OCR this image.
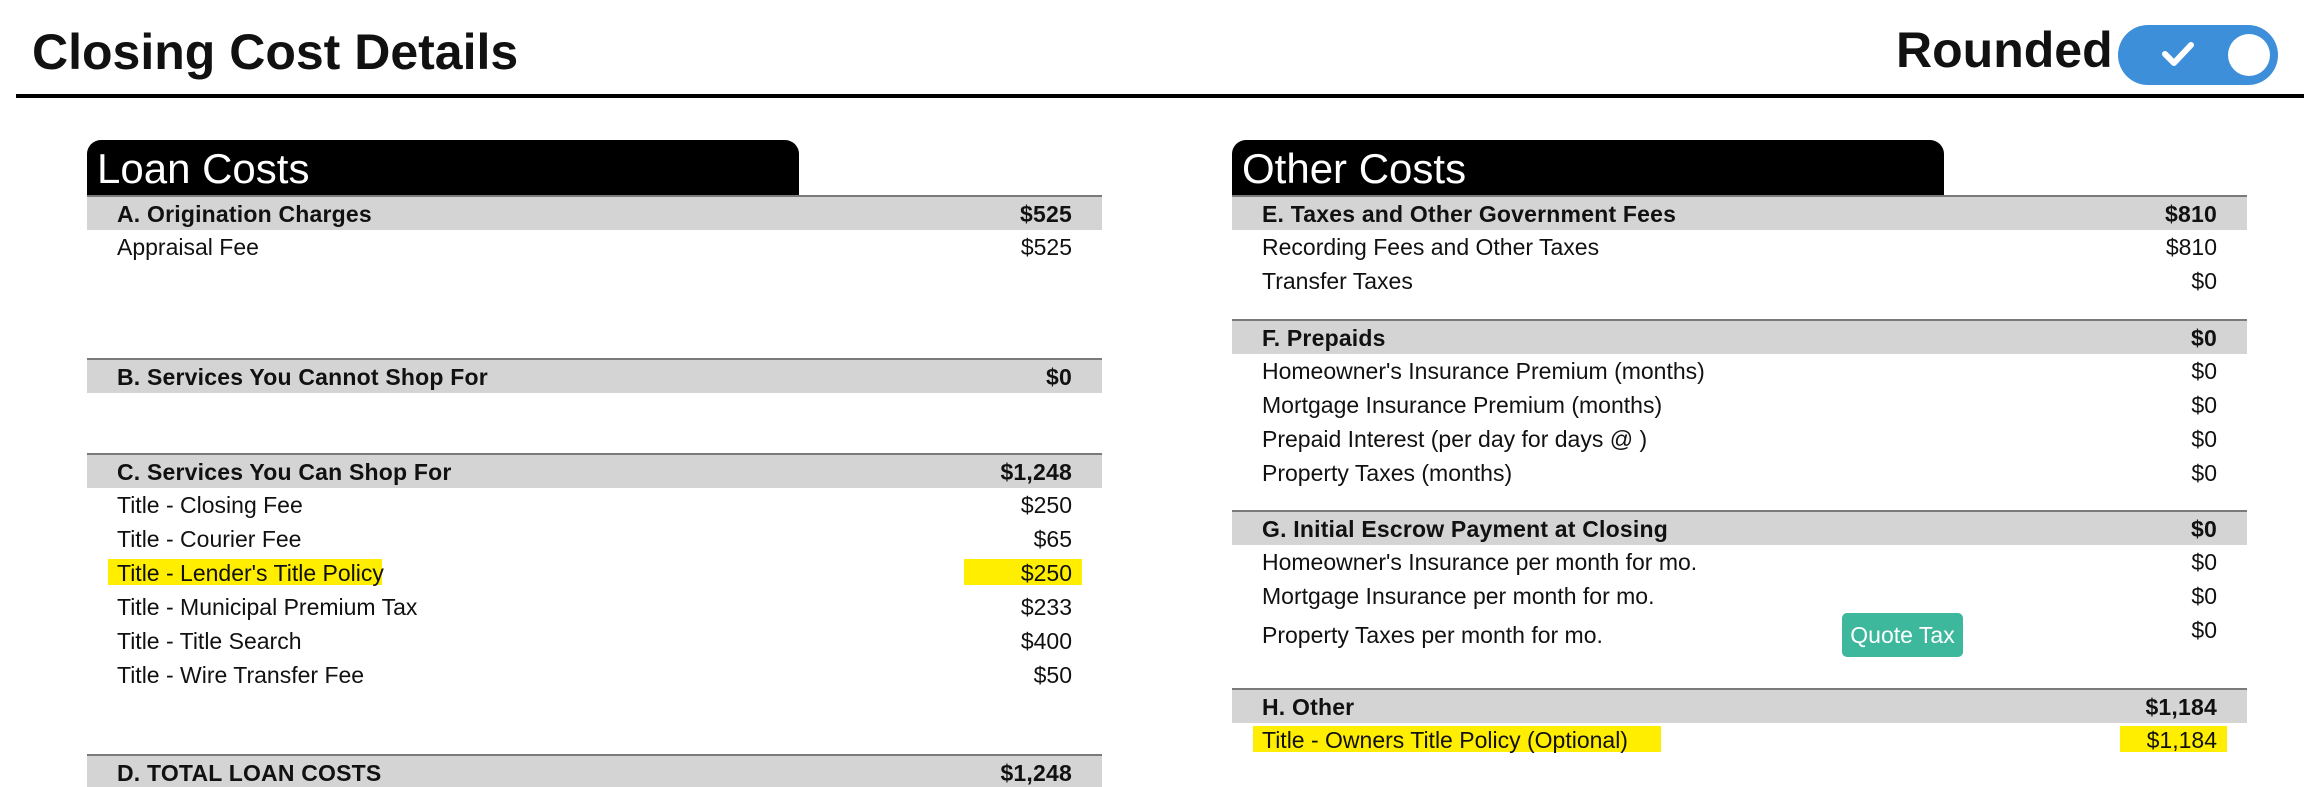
Closing Cost Details	Rounded
Loan Costs
A. Origination Charges	$525
Appraisal Fee	$525
B. Services You Cannot Shop For	$0
C. Services You Can Shop For	$1,248
Title - Closing Fee	$250
Title - Courier Fee	$65
Title - Lender's Title Policy	$250
Title - Municipal Premium Tax	$233
Title - Title Search	$400
Title - Wire Transfer Fee	$50
D. TOTAL LOAN COSTS	$1,248
Other Costs
E. Taxes and Other Government Fees	$810
Recording Fees and Other Taxes	$810
Transfer Taxes	$0
F. Prepaids	$0
Homeowner's Insurance Premium (months)	$0
Mortgage Insurance Premium (months)	$0
Prepaid Interest (per day for days @ )	$0
Property Taxes (months)	$0
G. Initial Escrow Payment at Closing	$0
Homeowner's Insurance per month for mo.	$0
Mortgage Insurance per month for mo.	$0
Property Taxes per month for mo.	$0
H. Other	$1,184
Title - Owners Title Policy (Optional)	$1,184
Quote Tax
